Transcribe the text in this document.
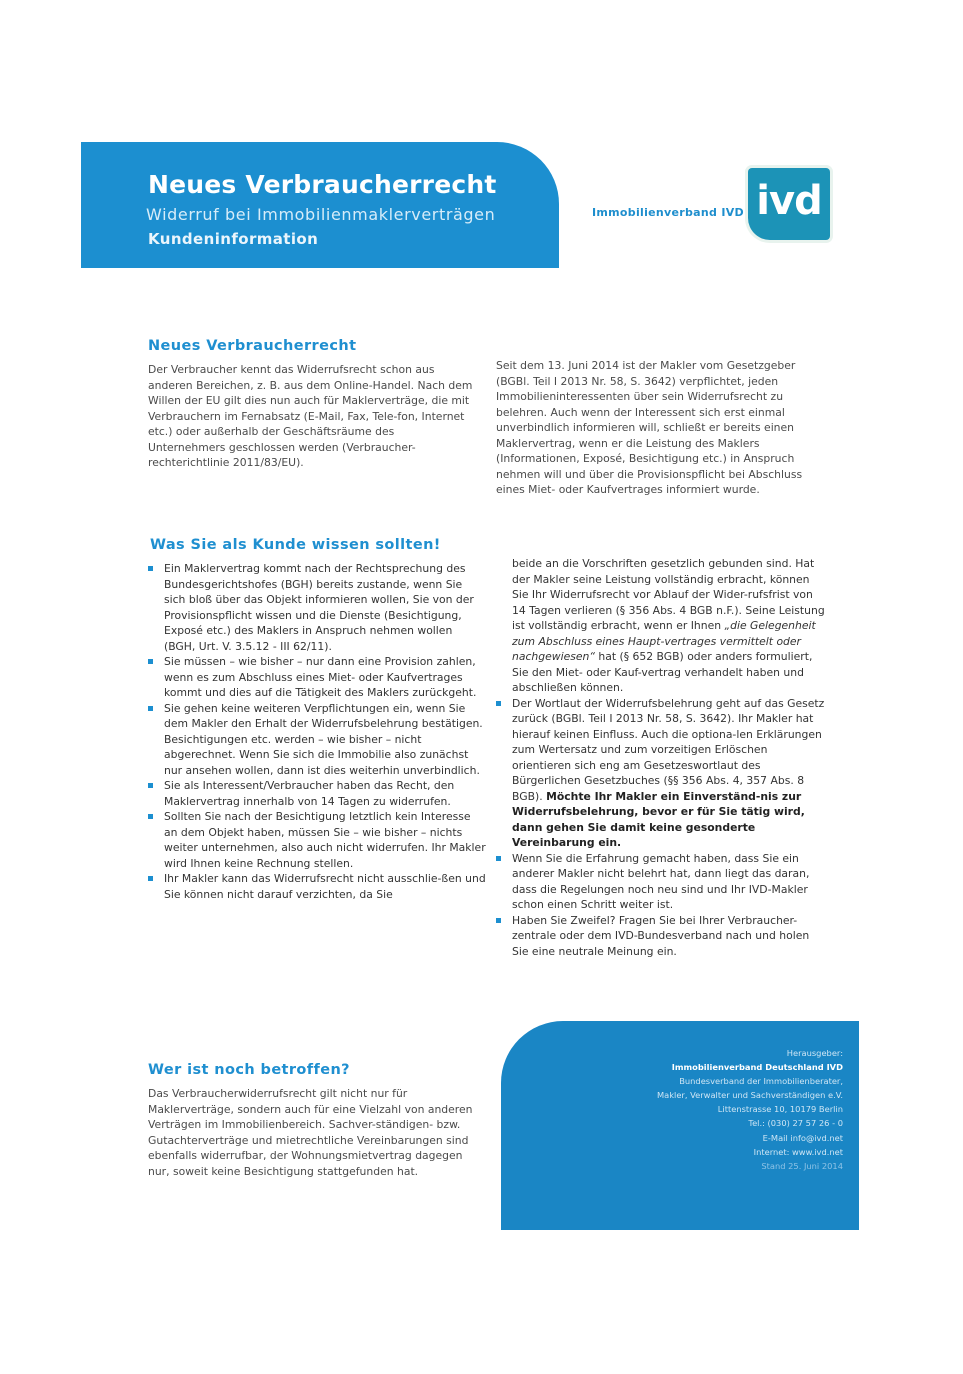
Neues Verbraucherrecht
Widerruf bei Immobilienmaklerverträgen
Kundeninformation
Immobilienverband IVD ivd
Neues Verbraucherrecht

Der Verbraucher kennt das Widerrufsrecht schon aus anderen Bereichen, z. B. aus dem Online-Handel. Nach dem Willen der EU gilt dies nun auch für Maklerverträge, die mit Verbrauchern im Fernabsatz (E-Mail, Fax, Tele-fon, Internet etc.) oder außerhalb der Geschäftsräume des Unternehmers geschlossen werden (Verbraucher-rechterichtlinie 2011/83/EU).

Seit dem 13. Juni 2014 ist der Makler vom Gesetzgeber (BGBl. Teil I 2013 Nr. 58, S. 3642) verpflichtet, jeden Immobilieninteressenten über sein Widerrufsrecht zu belehren. Auch wenn der Interessent sich erst einmal unverbindlich informieren will, schließt er bereits einen Maklervertrag, wenn er die Leistung des Maklers (Informationen, Exposé, Besichtigung etc.) in Anspruch nehmen will und über die Provisionspflicht bei Abschluss eines Miet- oder Kaufvertrages informiert wurde.

Was Sie als Kunde wissen sollten!
Ein Maklervertrag kommt nach der Rechtsprechung des Bundesgerichtshofes (BGH) bereits zustande, wenn Sie sich bloß über das Objekt informieren wollen, Sie von der Provisionspflicht wissen und die Dienste (Besichtigung, Exposé etc.) des Maklers in Anspruch nehmen wollen (BGH, Urt. V. 3.5.12 - III 62/11).
Sie müssen – wie bisher – nur dann eine Provision zahlen, wenn es zum Abschluss eines Miet- oder Kaufvertrages kommt und dies auf die Tätigkeit des Maklers zurückgeht.
Sie gehen keine weiteren Verpflichtungen ein, wenn Sie dem Makler den Erhalt der Widerrufsbelehrung bestätigen. Besichtigungen etc. werden – wie bisher – nicht abgerechnet. Wenn Sie sich die Immobilie also zunächst nur ansehen wollen, dann ist dies weiterhin unverbindlich.
Sie als Interessent/Verbraucher haben das Recht, den Maklervertrag innerhalb von 14 Tagen zu widerrufen.
Sollten Sie nach der Besichtigung letztlich kein Interesse an dem Objekt haben, müssen Sie – wie bisher – nichts weiter unternehmen, also auch nicht widerrufen. Ihr Makler wird Ihnen keine Rechnung stellen.
Ihr Makler kann das Widerrufsrecht nicht ausschlie-ßen und Sie können nicht darauf verzichten, da Sie
beide an die Vorschriften gesetzlich gebunden sind. Hat der Makler seine Leistung vollständig erbracht, können Sie Ihr Widerrufsrecht vor Ablauf der Wider-rufsfrist von 14 Tagen verlieren (§ 356 Abs. 4 BGB n.F.). Seine Leistung ist vollständig erbracht, wenn er Ihnen „die Gelegenheit zum Abschluss eines Haupt-vertrages vermittelt oder nachgewiesen“ hat (§ 652 BGB) oder anders formuliert, Sie den Miet- oder Kauf-vertrag verhandelt haben und abschließen können.
Der Wortlaut der Widerrufsbelehrung geht auf das Gesetz zurück (BGBl. Teil I 2013 Nr. 58, S. 3642). Ihr Makler hat hierauf keinen Einfluss. Auch die optiona-len Erklärungen zum Wertersatz und zum vorzeitigen Erlöschen orientieren sich eng am Gesetzeswortlaut des Bürgerlichen Gesetzbuches (§§ 356 Abs. 4, 357 Abs. 8 BGB). Möchte Ihr Makler ein Einverständ-nis zur Widerrufsbelehrung, bevor er für Sie tätig wird, dann gehen Sie damit keine gesonderte Vereinbarung ein.
Wenn Sie die Erfahrung gemacht haben, dass Sie ein anderer Makler nicht belehrt hat, dann liegt das daran, dass die Regelungen noch neu sind und Ihr IVD-Makler schon einen Schritt weiter ist.
Haben Sie Zweifel? Fragen Sie bei Ihrer Verbraucher-zentrale oder dem IVD-Bundesverband nach und holen Sie eine neutrale Meinung ein.
Wer ist noch betroffen?

Das Verbraucherwiderrufsrecht gilt nicht nur für Maklerverträge, sondern auch für eine Vielzahl von anderen Verträgen im Immobilienbereich. Sachver-ständigen- bzw. Gutachterverträge und mietrechtliche Vereinbarungen sind ebenfalls widerrufbar, der Wohnungsmietvertrag dagegen nur, soweit keine Besichtigung stattgefunden hat.

Herausgeber:
Immobilienverband Deutschland IVD
Bundesverband der Immobilienberater,
Makler, Verwalter und Sachverständigen e.V.
Littenstrasse 10, 10179 Berlin
Tel.: (030) 27 57 26 - 0
E-Mail info@ivd.net
Internet: www.ivd.net
Stand 25. Juni 2014
